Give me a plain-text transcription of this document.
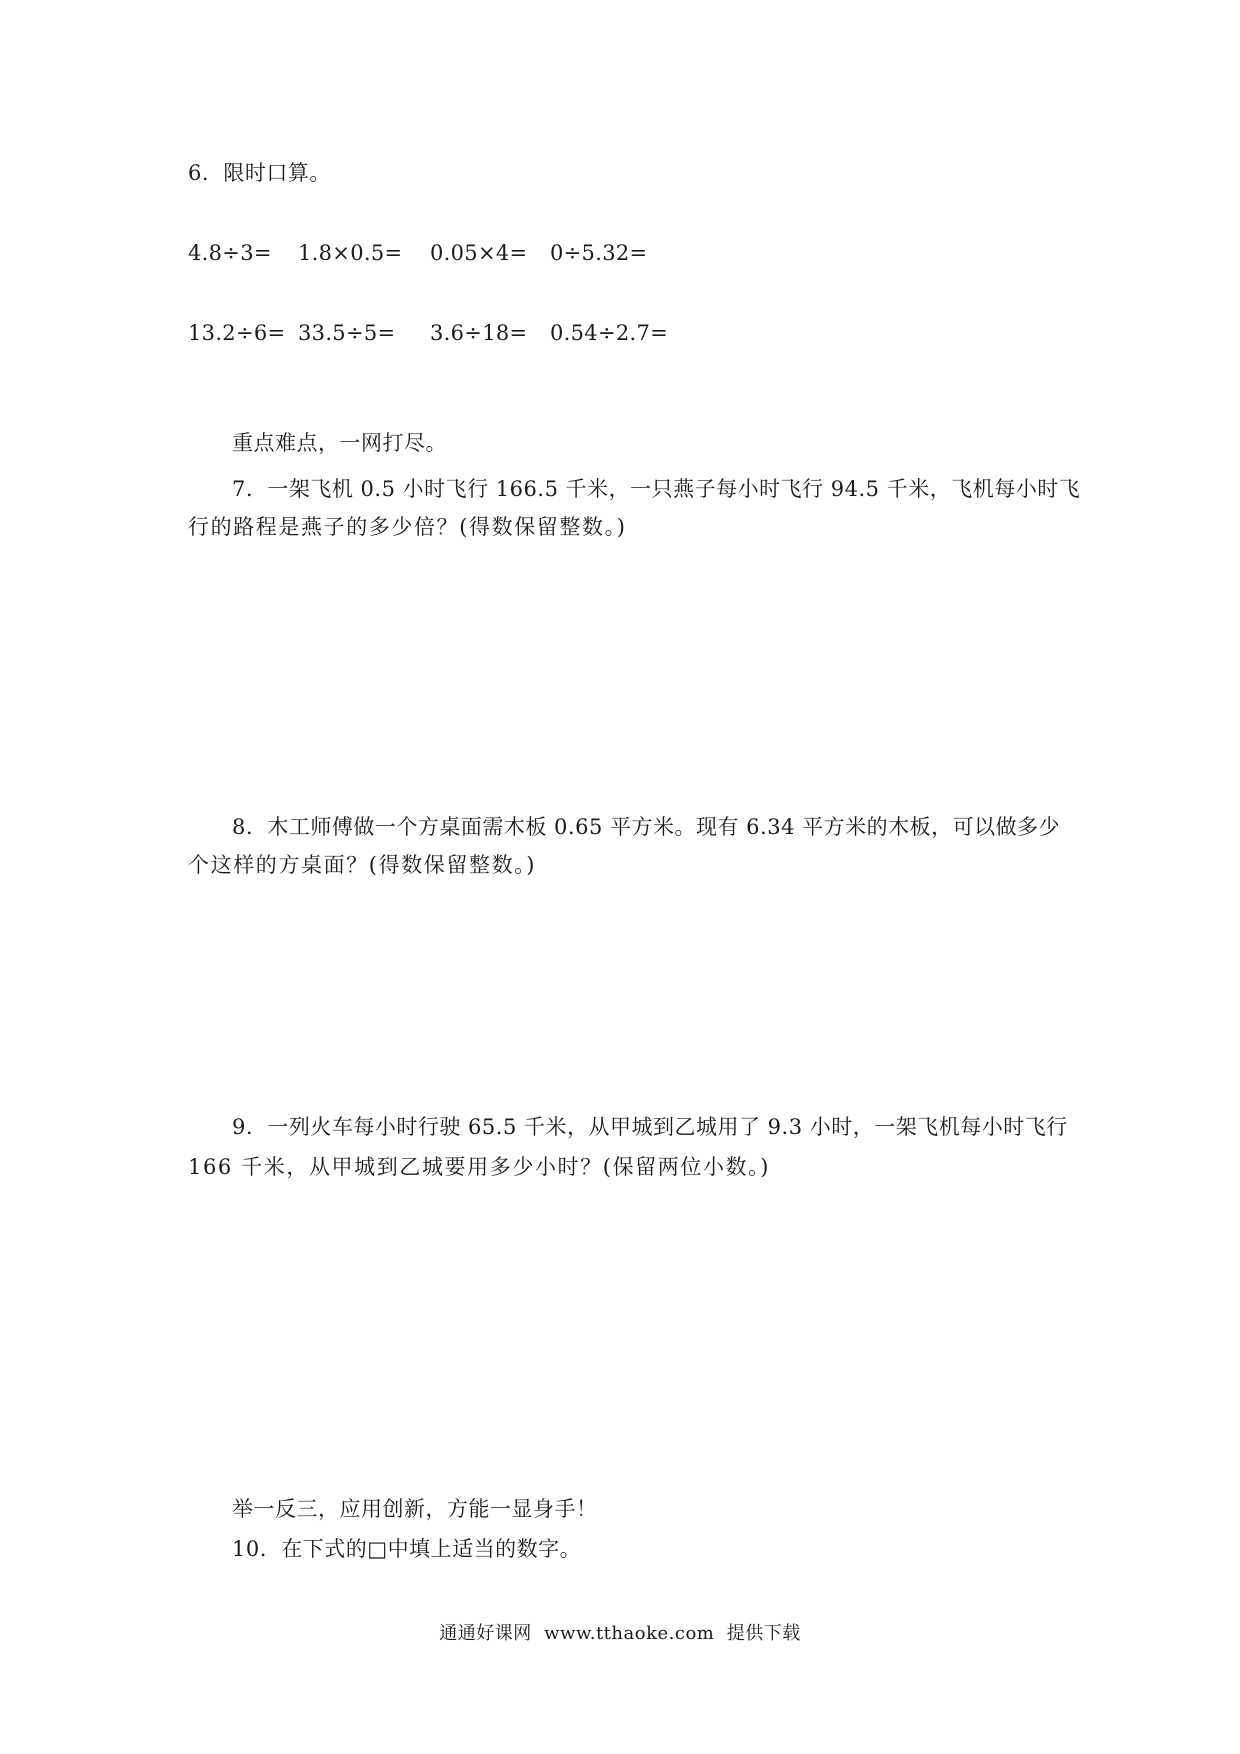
6.  限时口算。
4.8÷3= 1.8×0.5= 0.05×4= 0÷5.32=
13.2÷6= 33.5÷5= 3.6÷18= 0.54÷2.7=
重点难点，一网打尽。
7.  一架飞机 0.5 小时飞行 166.5 千米，一只燕子每小时飞行 94.5 千米，飞机每小时飞
行的路程是燕子的多少倍？(得数保留整数。)
8.  木工师傅做一个方桌面需木板 0.65 平方米。现有 6.34 平方米的木板，可以做多少
个这样的方桌面？(得数保留整数。)
9.  一列火车每小时行驶 65.5 千米，从甲城到乙城用了 9.3 小时，一架飞机每小时飞行
166 千米，从甲城到乙城要用多少小时？(保留两位小数。)
举一反三，应用创新，方能一显身手！
10.  在下式的□中填上适当的数字。
通通好课网  www.tthaoke.com  提供下载
